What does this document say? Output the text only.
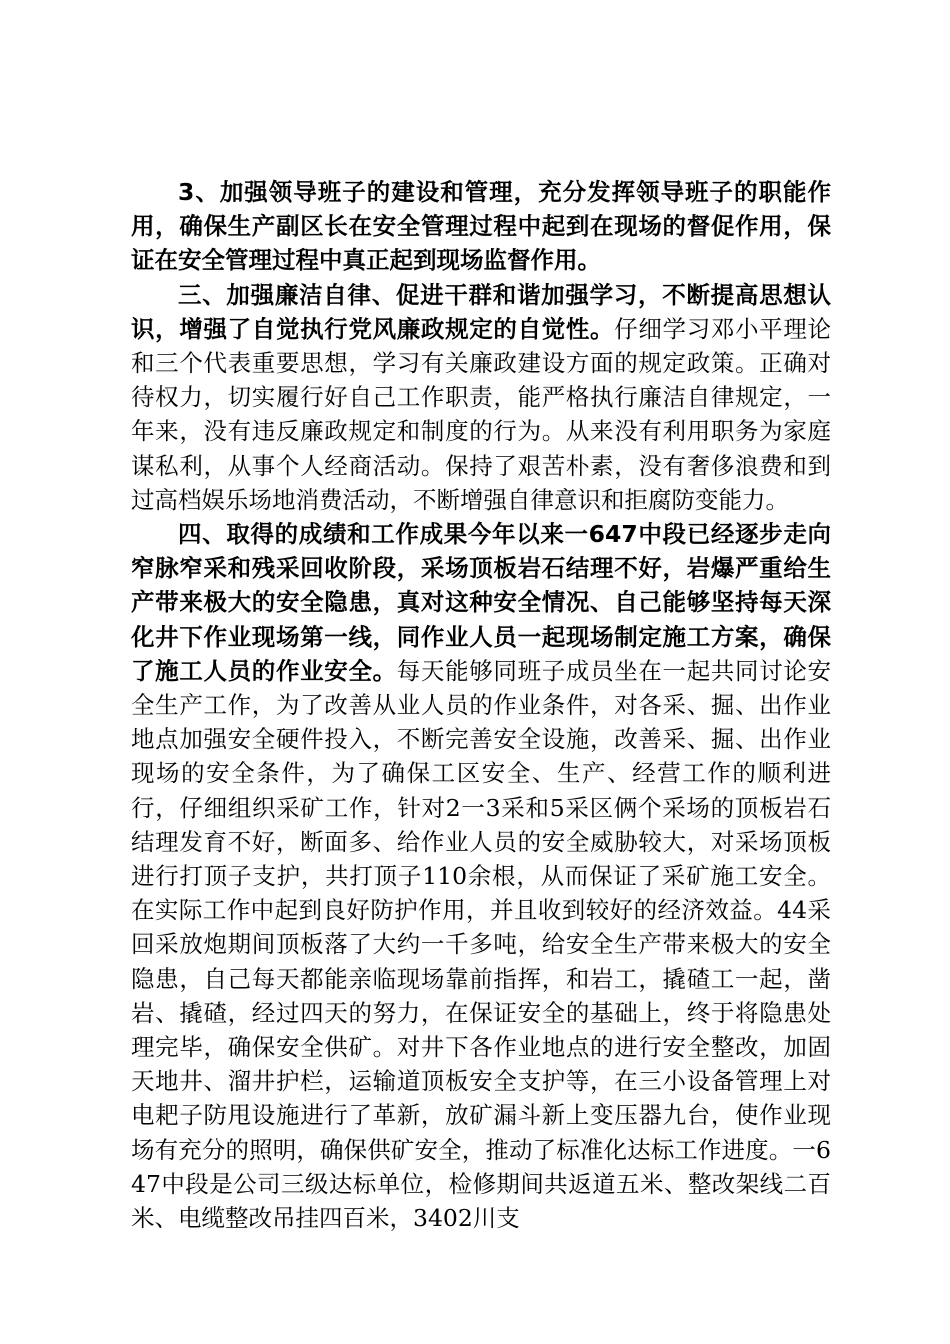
3、加强领导班子的建设和管理，充分发挥领导班子的职能作用，确保生产副区长在安全管理过程中起到在现场的督促作用，保证在安全管理过程中真正起到现场监督作用。

三、加强廉洁自律、促进干群和谐加强学习，不断提高思想认识，增强了自觉执行党风廉政规定的自觉性。仔细学习邓小平理论和三个代表重要思想，学习有关廉政建设方面的规定政策。正确对待权力，切实履行好自己工作职责，能严格执行廉洁自律规定，一年来，没有违反廉政规定和制度的行为。从来没有利用职务为家庭谋私利，从事个人经商活动。保持了艰苦朴素，没有奢侈浪费和到过高档娱乐场地消费活动，不断增强自律意识和拒腐防变能力。

四、取得的成绩和工作成果今年以来一647中段已经逐步走向窄脉窄采和残采回收阶段，采场顶板岩石结理不好，岩爆严重给生产带来极大的安全隐患，真对这种安全情况、自己能够坚持每天深化井下作业现场第一线，同作业人员一起现场制定施工方案，确保了施工人员的作业安全。每天能够同班子成员坐在一起共同讨论安全生产工作，为了改善从业人员的作业条件，对各采、掘、出作业地点加强安全硬件投入，不断完善安全设施，改善采、掘、出作业现场的安全条件，为了确保工区安全、生产、经营工作的顺利进行，仔细组织采矿工作，针对2一3采和5采区俩个采场的顶板岩石结理发育不好，断面多、给作业人员的安全威胁较大，对采场顶板进行打顶子支护，共打顶子110余根，从而保证了采矿施工安全。在实际工作中起到良好防护作用，并且收到较好的经济效益。44采回采放炮期间顶板落了大约一千多吨，给安全生产带来极大的安全隐患，自己每天都能亲临现场靠前指挥，和岩工，撬碴工一起，凿岩、撬碴，经过四天的努力，在保证安全的基础上，终于将隐患处理完毕，确保安全供矿。对井下各作业地点的进行安全整改，加固天地井、溜井护栏，运输道顶板安全支护等，在三小设备管理上对电耙子防甩设施进行了革新，放矿漏斗新上变压器九台，使作业现场有充分的照明，确保供矿安全，推动了标准化达标工作进度。一647中段是公司三级达标单位，检修期间共返道五米、整改架线二百米、电缆整改吊挂四百米，3402川支
